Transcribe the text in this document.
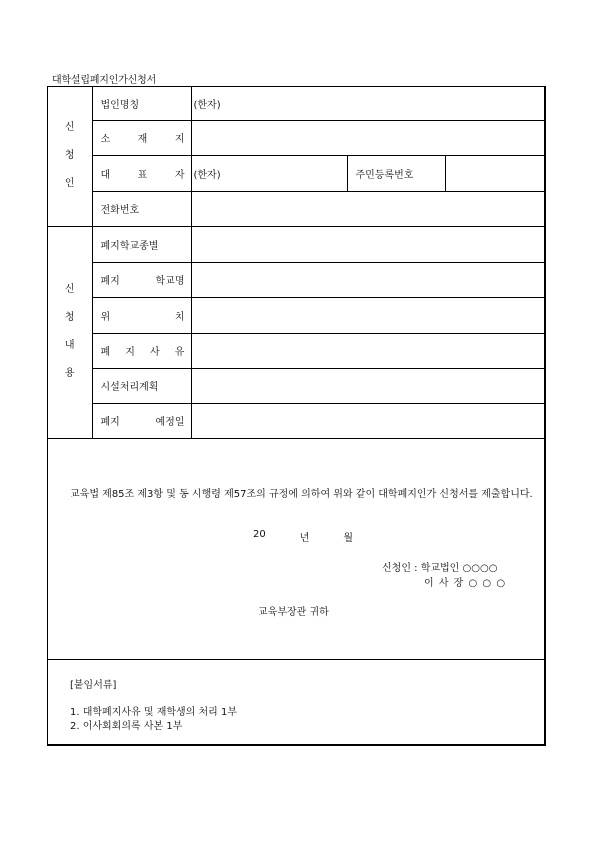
대학설립폐지인가신청서
신
청
인	법인명칭	(한자)		

	소 재 지			

	대 표 자	(한자)	주민등록번호	
	전화번호			

신
청
내
용	폐지학교종별			

	폐지 학교명			

	위 치			

	폐 지 사 유			

	시설처리계획			

	폐지 예정일			

교육법 제85조 제3항 및 동 시행령 제57조의 규정에 의하여 위와 같이 대학폐지인가 신청서를 제출합니다.
20	년	월
신청인 : 학교법인 ○○○○
이 사 장 ○ ○ ○
교육부장관 귀하
[붙임서류]
1. 대학폐지사유 및 재학생의 처리 1부
2. 이사회회의록 사본 1부
